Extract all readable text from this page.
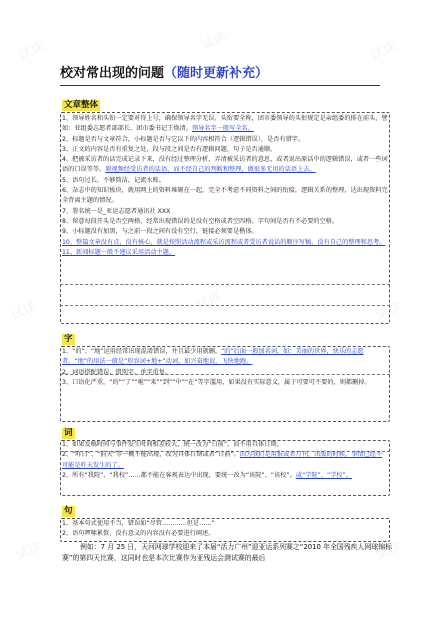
试读	试读	试读
试读	试读	试读
试读	试读
校对常出现的问题（随时更新补充）
文章整体

1、领导姓名和头衔一定要对得上号，确保领导名字无误、头衔要全称，团市委领导的头衔规定是亲组委的排在前头，譬如：亚组委志愿者部部长、团市委书记王焕清。领导名字一般写全名。

2、标题是否与文章符合，小标题是否与它以下的内容相符合（逻辑错误），是否有错字。

3、正文的内容是否有重复之处，段与段之间是否有逻辑问题，句子是否通顺。

4、把被采访者的话完成记录下来，没有经过整理分析，弄清被采访者的意思，或者说出原话中的逻辑错误，或者一些词语的口误等等。原视频经受访者的话语，而不经自己的判断和整理，做很多无用的话语上去。

5、语句过长，不够简洁，记流水账。

6、杂志中的知识板块，就用网上的资料堆砌在一起，完全不考虑不同资料之间的衔接，逻辑关系的整理，达出现资料完全背离主题的情况。

7、署名统一是_亚运志愿者通讯社 XXX

8、留意每段开头是否空两格，经常出现错误的是没有空格或者空四格。字句间是否有不必要的空格。

9、小标题没有加黑，与之前一段之间有没有空行，链接必须要是楷体。

10、整篇文章没有点，没有核心，就是按照活动流程或采访流程或者受访者说话的顺序写稿，没有自己的整理和思考。

11、新闻标题一般不建议采用活动主题。

字

1、“的”、“地”运用经常出现混淆错误，并且最少用就删。“的”后面一般加名词，如：美丽的世界，快乐的志愿者。“地”的用法一般是“形容词+地+”动词，如兴奋地说，飞快地跑。

2、词语搭配错误，错别字，单字重复。

3、口语化严重，“的”“了”“啦”“来”“到”“中”“在”等字滥用，如果没有实际意义，属于可要可不要的，则都删掉。

词

1、如果发稿时间与事件发生时间相差较大，统一改为“日前”，而不用具体日期。

2、“昨日”、“前天”等一概不能出现，改为具体日期或者“日前”。因为我们是用报或者月刊，出版的时候，事情已经不可能是昨天发生的了。

2、所有“我院”、“我校”……都不能在客观表达中出现，要统一改为“该院”、“该校”。或“学院”、“学校”。

句

1、基本句式使用不当，错误如“尽管…………但是……”

2、语句啰嗦累赘，没有意义的内容没有必要进行阐述。

例如：7 月 25 日，天河网球学校迎来了本届“活力广州”迎亚运系列赛之“2010 年全国残疾人网球锦标赛”的第四天比赛，这同时也是本次比赛作为亚残运会测试赛的最后
